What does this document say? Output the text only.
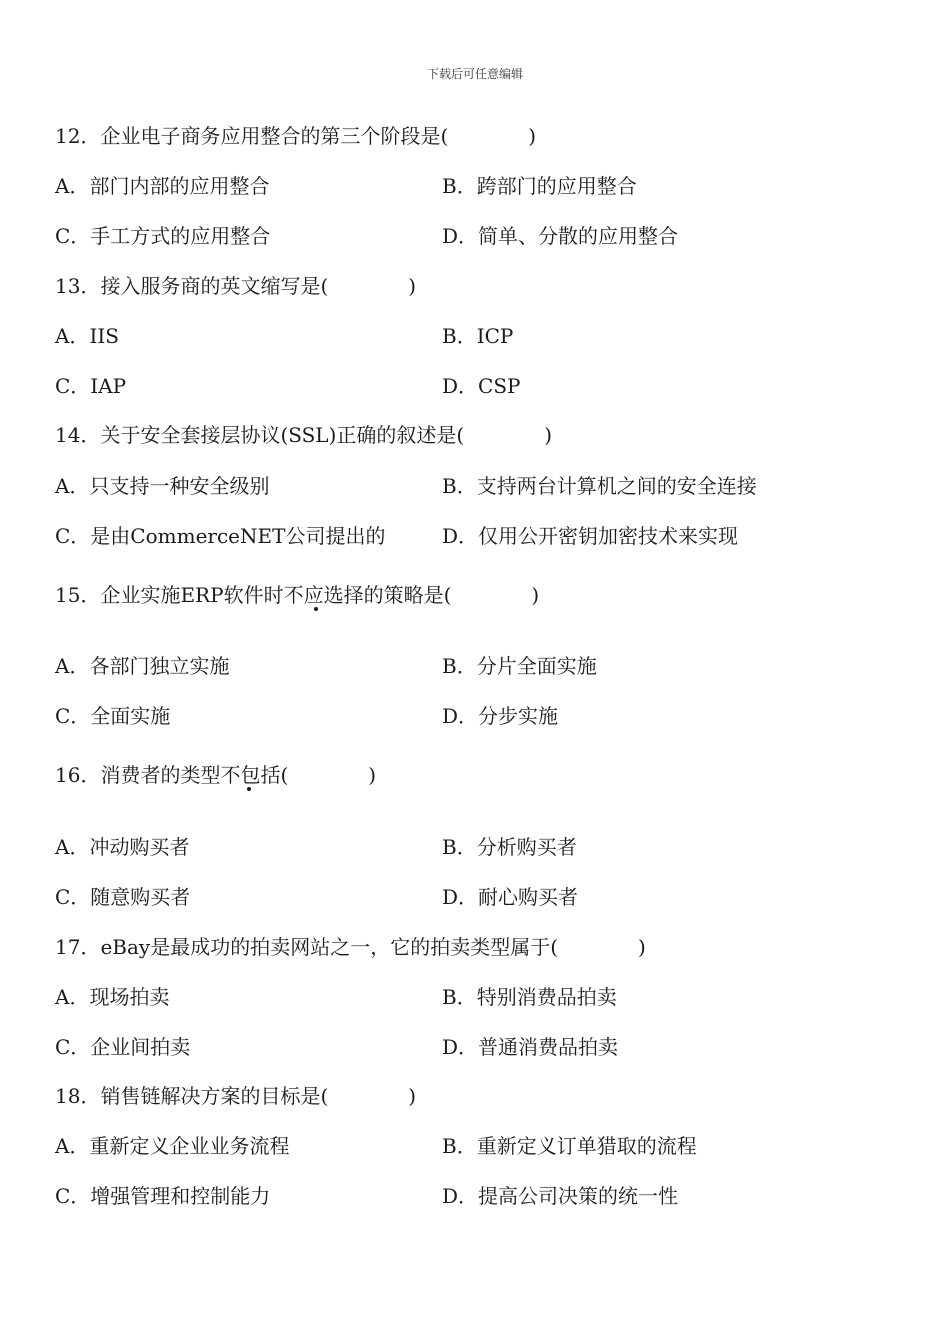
下载后可任意编辑
12．企业电子商务应用整合的第三个阶段是(　　　　)
A．部门内部的应用整合	B．跨部门的应用整合
C．手工方式的应用整合	D．简单、分散的应用整合
13．接入服务商的英文缩写是(　　　　)
A．IIS	B．ICP
C．IAP	D．CSP
14．关于安全套接层协议(SSL)正确的叙述是(　　　　)
A．只支持一种安全级别	B．支持两台计算机之间的安全连接
C．是由CommerceNET公司提出的	D．仅用公开密钥加密技术来实现
15．企业实施ERP软件时不应选择的策略是(　　　　)
A．各部门独立实施	B．分片全面实施
C．全面实施	D．分步实施
16．消费者的类型不包括(　　　　)
A．冲动购买者	B．分析购买者
C．随意购买者	D．耐心购买者
17．eBay是最成功的拍卖网站之一，它的拍卖类型属于(　　　　)
A．现场拍卖	B．特别消费品拍卖
C．企业间拍卖	D．普通消费品拍卖
18．销售链解决方案的目标是(　　　　)
A．重新定义企业业务流程	B．重新定义订单猎取的流程
C．增强管理和控制能力	D．提高公司决策的统一性
